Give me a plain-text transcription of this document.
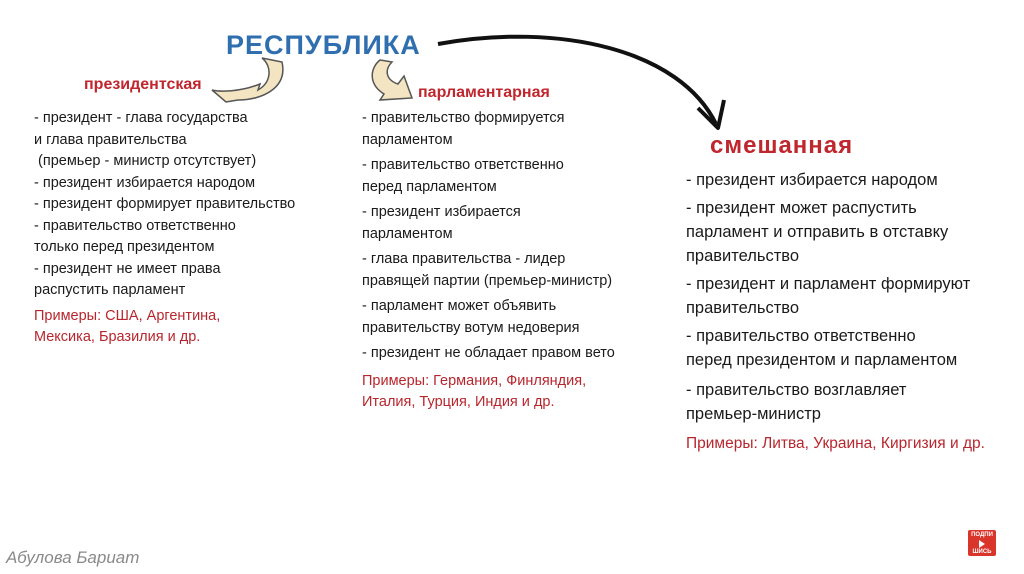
РЕСПУБЛИКА
президентская	парламентарная
смешанная
- президент - глава государства
и глава правительства
(премьер - министр отсутствует)
- президент избирается народом
- президент формирует правительство
- правительство ответственно
только перед президентом
- президент не имеет права
распустить парламент
Примеры: США, Аргентина,
Мексика, Бразилия и др.
- правительство формируется
парламентом
- правительство ответственно
перед парламентом
- президент избирается
парламентом
- глава правительства - лидер
правящей партии (премьер-министр)
- парламент может объявить
правительству вотум недоверия
- президент не обладает правом вето
Примеры: Германия, Финляндия,
Италия, Турция, Индия и др.
- президент избирается народом
- президент может распустить
парламент и отправить в отставку
правительство
- президент и парламент формируют
правительство
- правительство ответственно
перед президентом и парламентом
- правительство возглавляет
премьер-министр
Примеры: Литва, Украина, Киргизия и др.
Абулова Бариат
ПОДПИ
ШИСЬ
